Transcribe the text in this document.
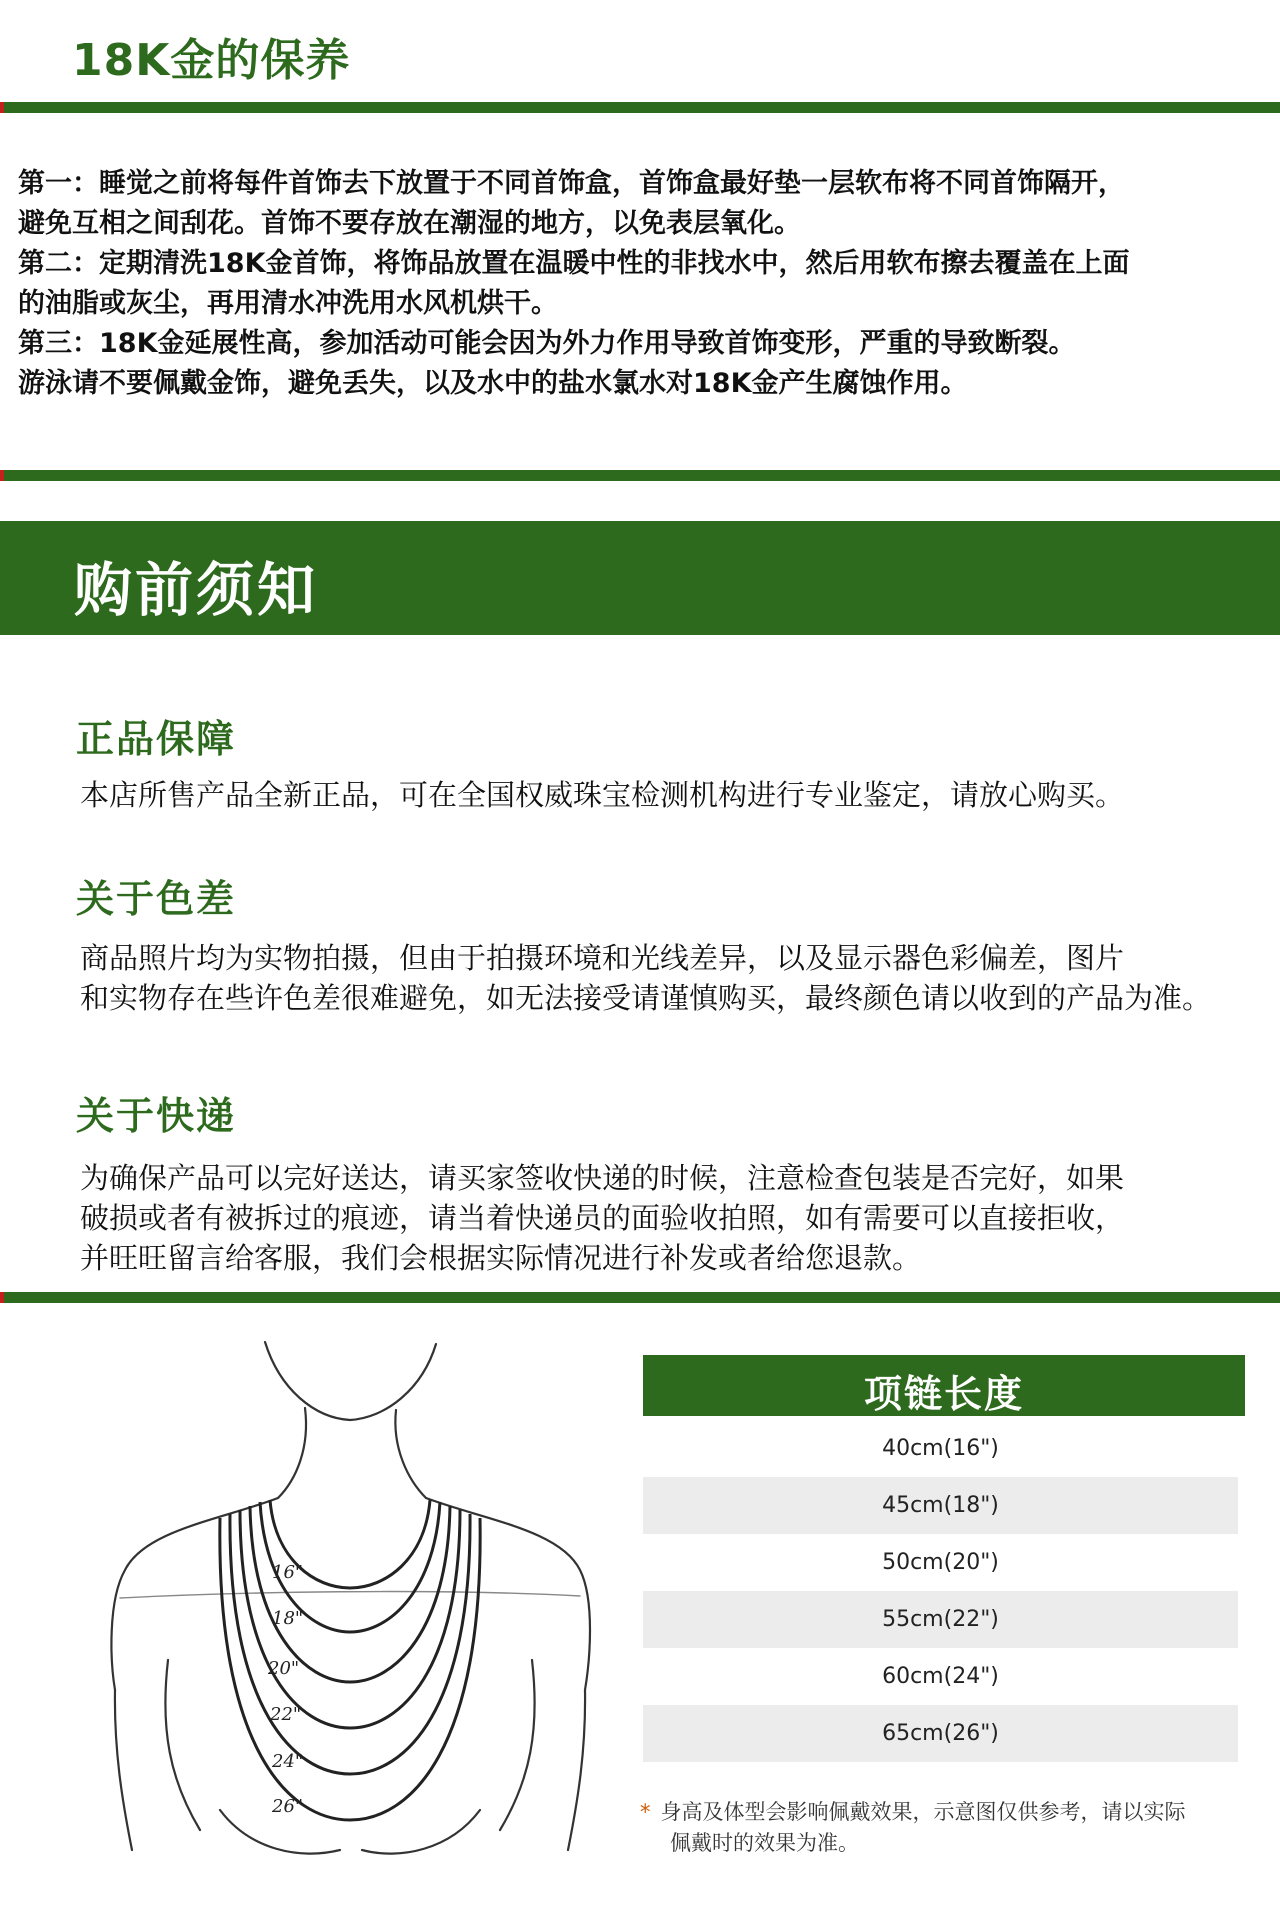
18K金的保养

第一：睡觉之前将每件首饰去下放置于不同首饰盒，首饰盒最好垫一层软布将不同首饰隔开，

避免互相之间刮花。首饰不要存放在潮湿的地方，以免表层氧化。

第二：定期清洗18K金首饰，将饰品放置在温暖中性的非找水中，然后用软布擦去覆盖在上面

的油脂或灰尘，再用清水冲洗用水风机烘干。

第三：18K金延展性高，参加活动可能会因为外力作用导致首饰变形，严重的导致断裂。

游泳请不要佩戴金饰，避免丢失，以及水中的盐水氯水对18K金产生腐蚀作用。

购前须知
正品保障

本店所售产品全新正品，可在全国权威珠宝检测机构进行专业鉴定，请放心购买。

关于色差

商品照片均为实物拍摄，但由于拍摄环境和光线差异，以及显示器色彩偏差，图片

和实物存在些许色差很难避免，如无法接受请谨慎购买，最终颜色请以收到的产品为准。

关于快递

为确保产品可以完好送达，请买家签收快递的时候，注意检查包装是否完好，如果

破损或者有被拆过的痕迹，请当着快递员的面验收拍照，如有需要可以直接拒收，

并旺旺留言给客服，我们会根据实际情况进行补发或者给您退款。

16"
18"
20"
22"
24"
26"
项链长度
40cm(16")
45cm(18")
50cm(20")
55cm(22")
60cm(24")
65cm(26")
* 身高及体型会影响佩戴效果，示意图仅供参考，请以实际
佩戴时的效果为准。
